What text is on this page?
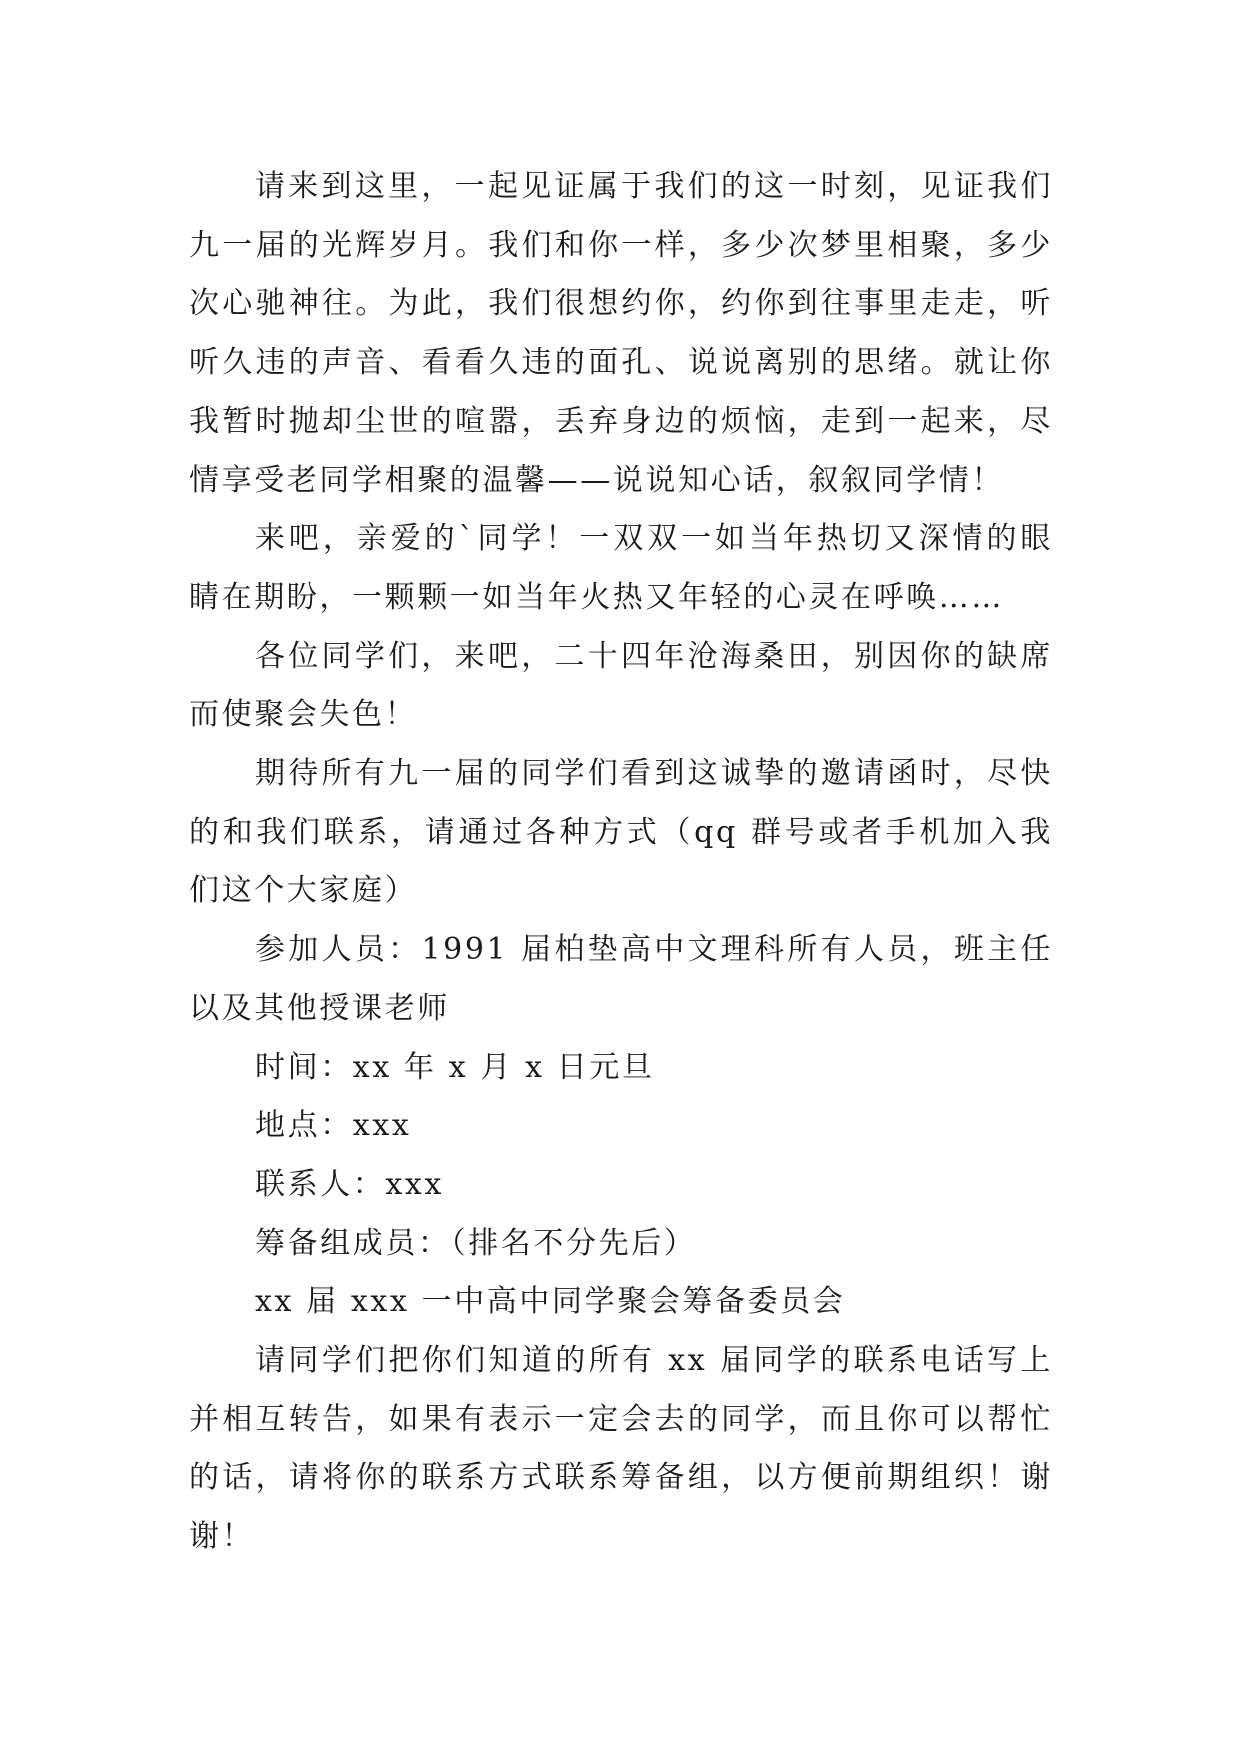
请来到这里，一起见证属于我们的这一时刻，见证我们九一届的光辉岁月。我们和你一样，多少次梦里相聚，多少次心驰神往。为此，我们很想约你，约你到往事里走走，听听久违的声音、看看久违的面孔、说说离别的思绪。就让你我暂时抛却尘世的喧嚣，丢弃身边的烦恼，走到一起来，尽情享受老同学相聚的温馨——说说知心话，叙叙同学情！

来吧，亲爱的`同学！一双双一如当年热切又深情的眼睛在期盼，一颗颗一如当年火热又年轻的心灵在呼唤……

各位同学们，来吧，二十四年沧海桑田，别因你的缺席而使聚会失色！

期待所有九一届的同学们看到这诚挚的邀请函时，尽快的和我们联系，请通过各种方式（qq 群号或者手机加入我们这个大家庭）

参加人员：1991 届柏垫高中文理科所有人员，班主任以及其他授课老师

时间：xx 年 x 月 x 日元旦

地点：xxx

联系人：xxx

筹备组成员：（排名不分先后）

xx 届 xxx 一中高中同学聚会筹备委员会

请同学们把你们知道的所有 xx 届同学的联系电话写上并相互转告，如果有表示一定会去的同学，而且你可以帮忙的话，请将你的联系方式联系筹备组，以方便前期组织！谢谢！
